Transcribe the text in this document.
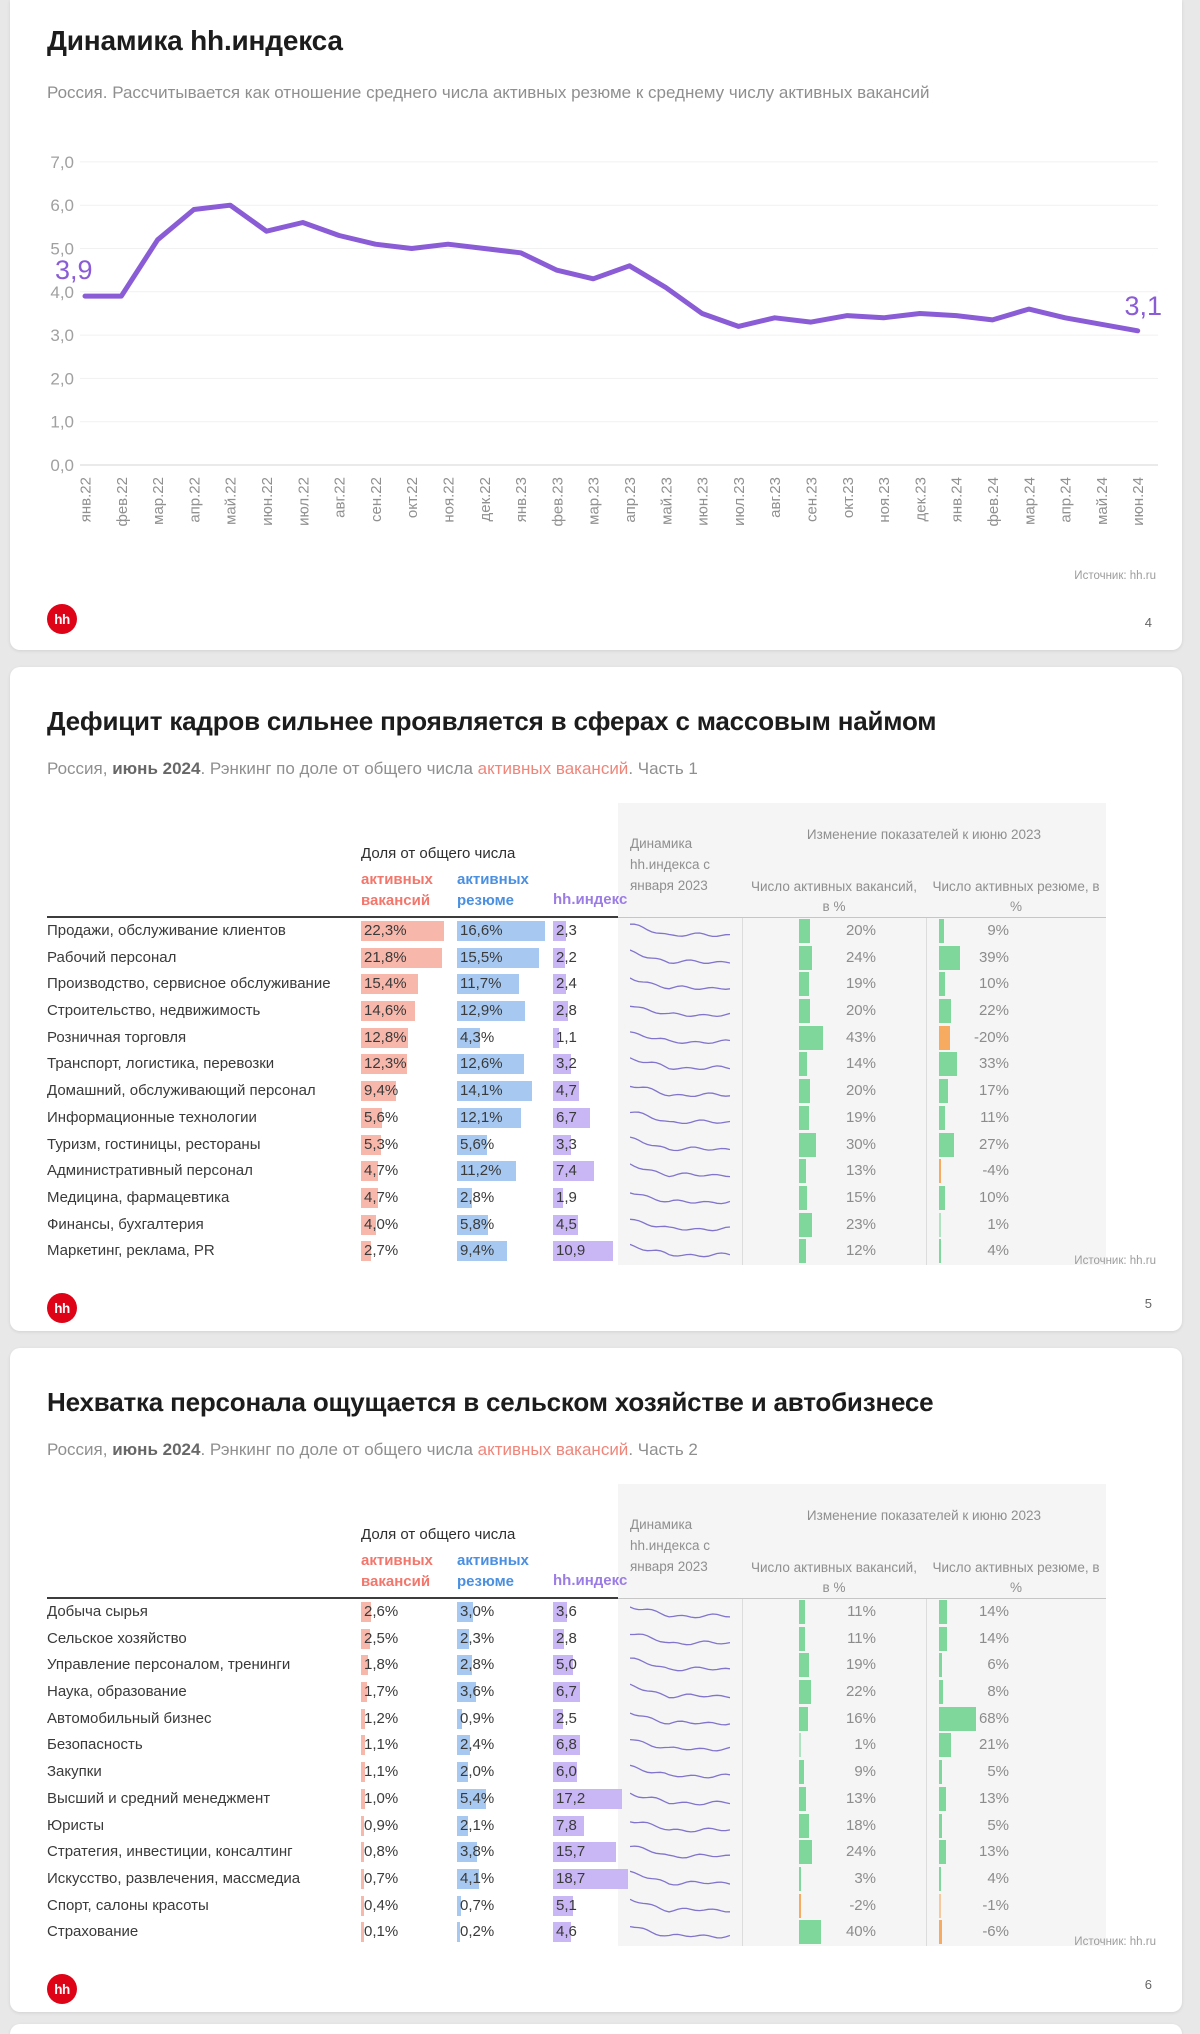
Динамика hh.индекса

Россия. Рассчитывается как отношение среднего числа активных резюме к среднему числу активных вакансий

0,0
1,0
2,0
3,0
4,0
5,0
6,0
7,0
янв.22 фев.22 мар.22 апр.22 май.22 июн.22 июл.22 авг.22 сен.22 окт.22 ноя.22 дек.22 янв.23 фев.23 мар.23 апр.23 май.23 июн.23 июл.23 авг.23 сен.23 окт.23 ноя.23 дек.23 янв.24 фев.24 мар.24 апр.24 май.24 июн.24
3,9
3,1
Источник: hh.ru
hh	4
Дефицит кадров сильнее проявляется в сферах с массовым наймом

Россия, июнь 2024. Рэнкинг по доле от общего числа активных вакансий. Часть 1

Доля от общего числа
активных вакансий
активных резюме	hh.индекс
Динамика hh.индекса с января 2023
Изменение показателей к июню 2023
Число активных вакансий, в %
Число активных резюме, в %
Продажи, обслуживание клиентов	22,3%	16,6%	2,3	20%	9%
Рабочий персонал	21,8%	15,5%	2,2	24%	39%
Производство, сервисное обслуживание	15,4%	11,7%	2,4	19%	10%
Строительство, недвижимость	14,6%	12,9%	2,8	20%	22%
Розничная торговля	12,8%	4,3%	1,1	43%	-20%
Транспорт, логистика, перевозки	12,3%	12,6%	3,2	14%	33%
Домашний, обслуживающий персонал	9,4%	14,1%	4,7	20%	17%
Информационные технологии	5,6%	12,1%	6,7	19%	11%
Туризм, гостиницы, рестораны	5,3%	5,6%	3,3	30%	27%
Административный персонал	4,7%	11,2%	7,4	13%	-4%
Медицина, фармацевтика	4,7%	2,8%	1,9	15%	10%
Финансы, бухгалтерия	4,0%	5,8%	4,5	23%	1%
Маркетинг, реклама, PR	2,7%	9,4%	10,9	12%	4%
Источник: hh.ru
hh	5
Нехватка персонала ощущается в сельском хозяйстве и автобизнесе

Россия, июнь 2024. Рэнкинг по доле от общего числа активных вакансий. Часть 2

Доля от общего числа
активных вакансий
активных резюме	hh.индекс
Динамика hh.индекса с января 2023
Изменение показателей к июню 2023
Число активных вакансий, в %
Число активных резюме, в %
Добыча сырья	2,6%	3,0%	3,6	11%	14%
Сельское хозяйство	2,5%	2,3%	2,8	11%	14%
Управление персоналом, тренинги	1,8%	2,8%	5,0	19%	6%
Наука, образование	1,7%	3,6%	6,7	22%	8%
Автомобильный бизнес	1,2%	0,9%	2,5	16%	68%
Безопасность	1,1%	2,4%	6,8	1%	21%
Закупки	1,1%	2,0%	6,0	9%	5%
Высший и средний менеджмент	1,0%	5,4%	17,2	13%	13%
Юристы	0,9%	2,1%	7,8	18%	5%
Стратегия, инвестиции, консалтинг	0,8%	3,8%	15,7	24%	13%
Искусство, развлечения, массмедиа	0,7%	4,1%	18,7	3%	4%
Спорт, салоны красоты	0,4%	0,7%	5,1	-2%	-1%
Страхование	0,1%	0,2%	4,6	40%	-6%
Источник: hh.ru
hh	6
